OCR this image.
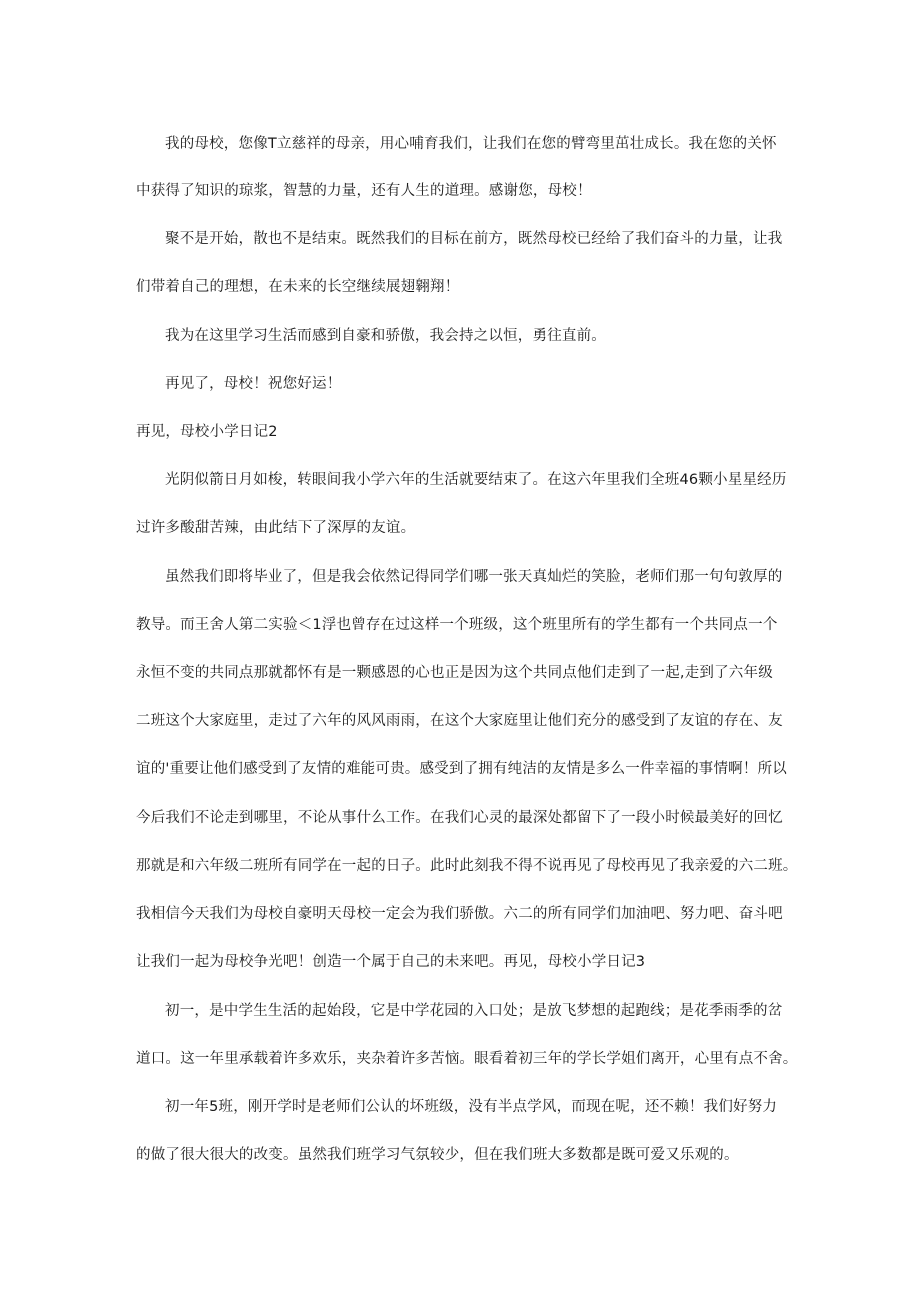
我的母校，您像T立慈祥的母亲，用心哺育我们，让我们在您的臂弯里茁壮成长。我在您的关怀
中获得了知识的琼浆，智慧的力量，还有人生的道理。感谢您，母校！
聚不是开始，散也不是结束。既然我们的目标在前方，既然母校已经给了我们奋斗的力量，让我
们带着自己的理想，在未来的长空继续展翅翱翔！
我为在这里学习生活而感到自豪和骄傲，我会持之以恒，勇往直前。
再见了，母校！祝您好运！
再见，母校小学日记2
光阴似箭日月如梭，转眼间我小学六年的生活就要结束了。在这六年里我们全班46颗小星星经历
过许多酸甜苦辣，由此结下了深厚的友谊。
虽然我们即将毕业了，但是我会依然记得同学们哪一张天真灿烂的笑脸，老师们那一句句敦厚的
教导。而王舍人第二实验＜1浮也曾存在过这样一个班级，这个班里所有的学生都有一个共同点一个
永恒不变的共同点那就都怀有是一颗感恩的心也正是因为这个共同点他们走到了一起,走到了六年级
二班这个大家庭里，走过了六年的风风雨雨，在这个大家庭里让他们充分的感受到了友谊的存在、友
谊的'重要让他们感受到了友情的难能可贵。感受到了拥有纯洁的友情是多么一件幸福的事情啊！所以
今后我们不论走到哪里，不论从事什么工作。在我们心灵的最深处都留下了一段小时候最美好的回忆
那就是和六年级二班所有同学在一起的日子。此时此刻我不得不说再见了母校再见了我亲爱的六二班。
我相信今天我们为母校自豪明天母校一定会为我们骄傲。六二的所有同学们加油吧、努力吧、奋斗吧
让我们一起为母校争光吧！创造一个属于自己的未来吧。再见，母校小学日记3
初一，是中学生生活的起始段，它是中学花园的入口处；是放飞梦想的起跑线；是花季雨季的岔
道口。这一年里承载着许多欢乐，夹杂着许多苦恼。眼看着初三年的学长学姐们离开，心里有点不舍。
初一年5班，刚开学时是老师们公认的坏班级，没有半点学风，而现在呢，还不赖！我们好努力
的做了很大很大的改变。虽然我们班学习气氛较少，但在我们班大多数都是既可爱又乐观的。
